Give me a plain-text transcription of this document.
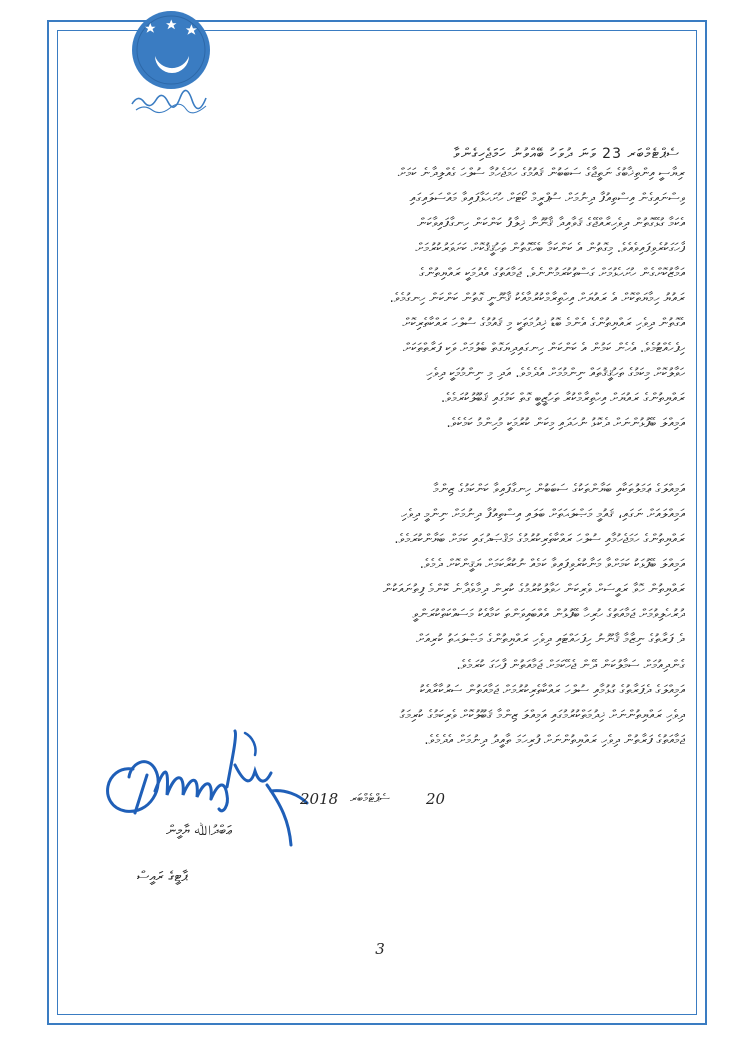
ސެޕްޓެމްބަރ 23 ވަނަ ދުވަހު ބޭއްވުނު ހަމަޖެހިގެންވާ
ރިޔާސީ އިންތިޚާބުގެ ނަތީޖާގެ ސަބަބުން ޤައުމުގެ ހަމަޖެހުމާ ސުލްހަ ގެއްލިދާނެ ކަމަށް
ވިސްނައިގެން އިސްތިއުފާ ދިނުމަށް ސުޕްރީމް ކޯޓަށް ހުށަހަޅާފައިވާ މައްސަލައިގައި
އެކަމާ ގުޅޭގޮތުން ދިވެހިރާއްޖޭގެ ޤަވާއިދާ ޤާނޫނާ ޚިލާފު ކަންކަން ހިނގާފައިވާކަން
ފާހަގަކުރެވިފައިވެއެވެ. މިގޮތުން އެ ކަންކަމާ ބެހޭގޮތުން ތަހުޤީޤުކޮށް ކަށަވަރުކުރުމަށް
އަމާޒުކޮށްގެން ހުށަހެޅުމަށް ގަސްތުކުރަމުންނެވެ. ޖަމާއަތުގެ އެދުމަކީ ރައްޔިތުންގެ
ރައުޔު ހިމާޔަތްކޮށް އެ ރައުޔަށް އިހްތިރާމްކުރުމާއެކު ޤާނޫނީ ގޮތުން ކަންކަން ހިނގުމެވެ.
އެގޮތުން ދިވެހި ރައްޔިތުންގެ އެންމެ ބޮޑު ޚިދުމަތަކީ މި ޤައުމުގެ ސުލްހަ ރައްކާތެރިކޮށް
ހިފެހެއްޓުމެވެ. އެހެން ކަމުން އެ ކަންކަން ހިނގައިދިޔަގޮތް ބެލުމަށް ވަކި ފަރާތްތަކަށް
ހަވާލުކޮށް މިކަމުގެ ތަހުޤީޤުތައް ނިންމުމަށް އެދެމެވެ. އަދި މި ނިންމުމަކީ ދިވެހި
ރައްޔިތުންގެ ރައުޔަށް އިހްތިރާމްކުރާ ތަހުޒީބީ ގޮތް ކަމުގައި ޤަބޫލުކުރަމެވެ.
އަމިއްލަ ބޭފުޅުންނަށް ދެކޮޅު ނުހަދައި މިކަން ކުރުމަކީ މުހިންމު ކަމެކެވެ.
އަމިއްލަގެ ޢަމަލުތަކާއި ބަޔާންތަކުގެ ސަބަބުން ހިނގާފައިވާ ކަންކަމުގެ ޒިންމާ
އަމިއްލައަށް ނަގައި، ޤައުމީ މަޞްލަޙަތަށް ބަލައި އިސްތިއުފާ ދިނުމަށް ނިންމީ ދިވެހި
ރައްޔިތުންގެ ހަމަޖެހުމާއި ސުލްހަ ރައްކާތެރިކުރުމުގެ މަޤްޞަދުގައި ކަމަށް ބަޔާންކުރަމެވެ.
އަމިއްލަ ބޭފުޅަކު ކަމަށްވާ މަނާކުރެވިފައިވާ ކަމެއް ނުކުރާކަމަށް ޔަޤީންކޮށް ދެމެވެ.
ރައްޔިތުން ހޮވާ ރައީސަށް ވެރިކަން ހަވާލުކުރުމުގެ ކުރިން ދިމާވެދާނެ ކޮންމެ ފިތުނައަކުން
ދުރުހެލިވުމަށް ޖަމާއަތުގެ ހުރިހާ ބޭފުޅުން އެއްބައިވަންތަ ކަމާއެކު މަސައްކަތްކުރަންވީ
ދެ ފަރާތުގެ ނިޒާމާ ޤާނޫނު ހިފަހައްޓައި ދިވެހި ރައްޔިތުންގެ މަޞްލަޙަތު ކުރިއަށް
ގެންދިއުމަށް ސަމާލުކަން ދޭން ޖެހޭކަމަށް ޖަމާއަތުން ފާހަގަ ކުރަމެވެ.
އަމިއްލަގެ ދެފަރާތުގެ ގުޅުމާއި ސުލްހަ ރައްކާތެރިކުރުމަށް ޖަމާއަތުން ސަރުކާރާއެކު
ދިވެހި ރައްޔިތުންނަށް ޚިދުމަތްކުރުމުގައި އަމިއްލަ ޒިންމާ ޤަބޫލުކޮށް ވެރިކަމުގެ ކުރިމަގު
ޖަމާއަތުގެ ފަރާތުން ދިވެހި ރައްޔިތުންނަށް ފުރިހަމަ ތާއީދު ދިނުމަށް އެދެމެވެ.
2018 ސެޕްޓެމްބަރ 20
ޢަބްދުﷲ ޔާމީން
ޕާޓީގެ ރައީސް
3
